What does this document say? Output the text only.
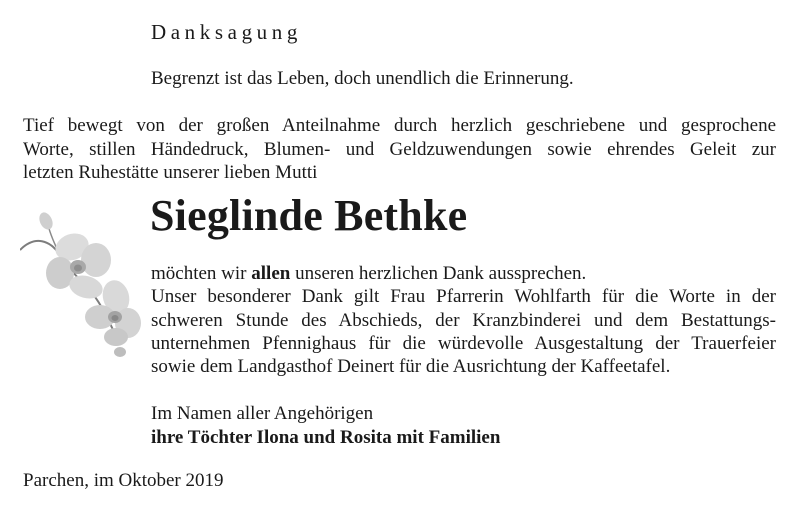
Danksagung
Begrenzt ist das Leben, doch unendlich die Erinnerung.
Tief bewegt von der großen Anteilnahme durch herzlich geschriebene und gesprochene
Worte, stillen Händedruck, Blumen- und Geldzuwendungen sowie ehrendes Geleit zur
letzten Ruhestätte unserer lieben Mutti
Sieglinde Bethke
möchten wir allen unseren herzlichen Dank aussprechen.
Unser besonderer Dank gilt Frau Pfarrerin Wohlfarth für die Worte in der
schweren Stunde des Abschieds, der Kranzbinderei und dem Bestattungs-
unternehmen Pfennighaus für die würdevolle Ausgestaltung der Trauerfeier
sowie dem Landgasthof Deinert für die Ausrichtung der Kaffeetafel.
Im Namen aller Angehörigen
ihre Töchter Ilona und Rosita mit Familien
Parchen, im Oktober 2019
